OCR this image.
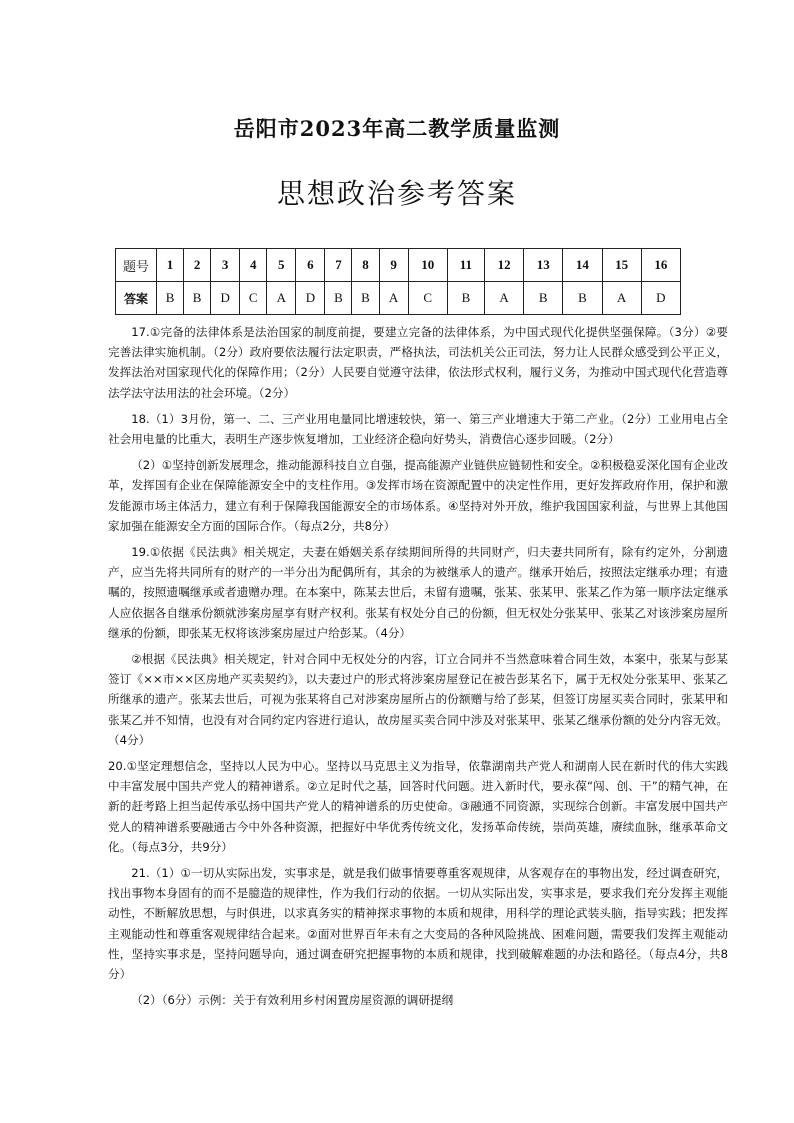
岳阳市2023年高二教学质量监测
思想政治参考答案
题号	1	2	3	4	5	6	7	8	9	10	11	12	13	14	15	16
答案	B	B	D	C	A	D	B	B	A	C	B	A	B	B	A	D

17.①完备的法律体系是法治国家的制度前提，要建立完备的法律体系，为中国式现代化提供坚强保障。（3分）②要完善法律实施机制。（2分）政府要依法履行法定职责，严格执法，司法机关公正司法，努力让人民群众感受到公平正义，发挥法治对国家现代化的保障作用；（2分）人民要自觉遵守法律，依法形式权利，履行义务，为推动中国式现代化营造尊法学法守法用法的社会环境。（2分）

18.（1）3月份，第一、二、三产业用电量同比增速较快，第一、第三产业增速大于第二产业。（2分）工业用电占全社会用电量的比重大，表明生产逐步恢复增加，工业经济企稳向好势头，消费信心逐步回暖。（2分）

（2）①坚持创新发展理念，推动能源科技自立自强，提高能源产业链供应链韧性和安全。②积极稳妥深化国有企业改革，发挥国有企业在保障能源安全中的支柱作用。③发挥市场在资源配置中的决定性作用，更好发挥政府作用，保护和激发能源市场主体活力，建立有利于保障我国能源安全的市场体系。④坚持对外开放，维护我国国家利益，与世界上其他国家加强在能源安全方面的国际合作。（每点2分，共8分）

19.①依据《民法典》相关规定，夫妻在婚姻关系存续期间所得的共同财产，归夫妻共同所有，除有约定外，分割遗产，应当先将共同所有的财产的一半分出为配偶所有，其余的为被继承人的遗产。继承开始后，按照法定继承办理；有遗嘱的，按照遗嘱继承或者遗赠办理。在本案中，陈某去世后，未留有遗嘱，张某、张某甲、张某乙作为第一顺序法定继承人应依据各自继承份额就涉案房屋享有财产权利。张某有权处分自己的份额，但无权处分张某甲、张某乙对该涉案房屋所继承的份额，即张某无权将该涉案房屋过户给彭某。（4分）

②根据《民法典》相关规定，针对合同中无权处分的内容，订立合同并不当然意味着合同生效，本案中，张某与彭某签订《××市××区房地产买卖契约》，以夫妻过户的形式将涉案房屋登记在被告彭某名下，属于无权处分张某甲、张某乙所继承的遗产。张某去世后，可视为张某将自己对涉案房屋所占的份额赠与给了彭某，但签订房屋买卖合同时，张某甲和张某乙并不知情，也没有对合同约定内容进行追认，故房屋买卖合同中涉及对张某甲、张某乙继承份额的处分内容无效。（4分）

20.①坚定理想信念，坚持以人民为中心。坚持以马克思主义为指导，依靠湖南共产党人和湖南人民在新时代的伟大实践中丰富发展中国共产党人的精神谱系。②立足时代之基，回答时代问题。进入新时代，要永葆“闯、创、干”的精气神，在新的赶考路上担当起传承弘扬中国共产党人的精神谱系的历史使命。③融通不同资源，实现综合创新。丰富发展中国共产党人的精神谱系要融通古今中外各种资源，把握好中华优秀传统文化，发扬革命传统，崇尚英雄，赓续血脉，继承革命文化。（每点3分，共9分）

21.（1）①一切从实际出发，实事求是，就是我们做事情要尊重客观规律，从客观存在的事物出发，经过调查研究，找出事物本身固有的而不是臆造的规律性，作为我们行动的依据。一切从实际出发，实事求是，要求我们充分发挥主观能动性，不断解放思想，与时俱进，以求真务实的精神探求事物的本质和规律，用科学的理论武装头脑，指导实践；把发挥主观能动性和尊重客观规律结合起来。②面对世界百年未有之大变局的各种风险挑战、困难问题，需要我们发挥主观能动性，坚持实事求是，坚持问题导向，通过调查研究把握事物的本质和规律，找到破解难题的办法和路径。（每点4分，共8分）

（2）（6分）示例：关于有效利用乡村闲置房屋资源的调研提纲
